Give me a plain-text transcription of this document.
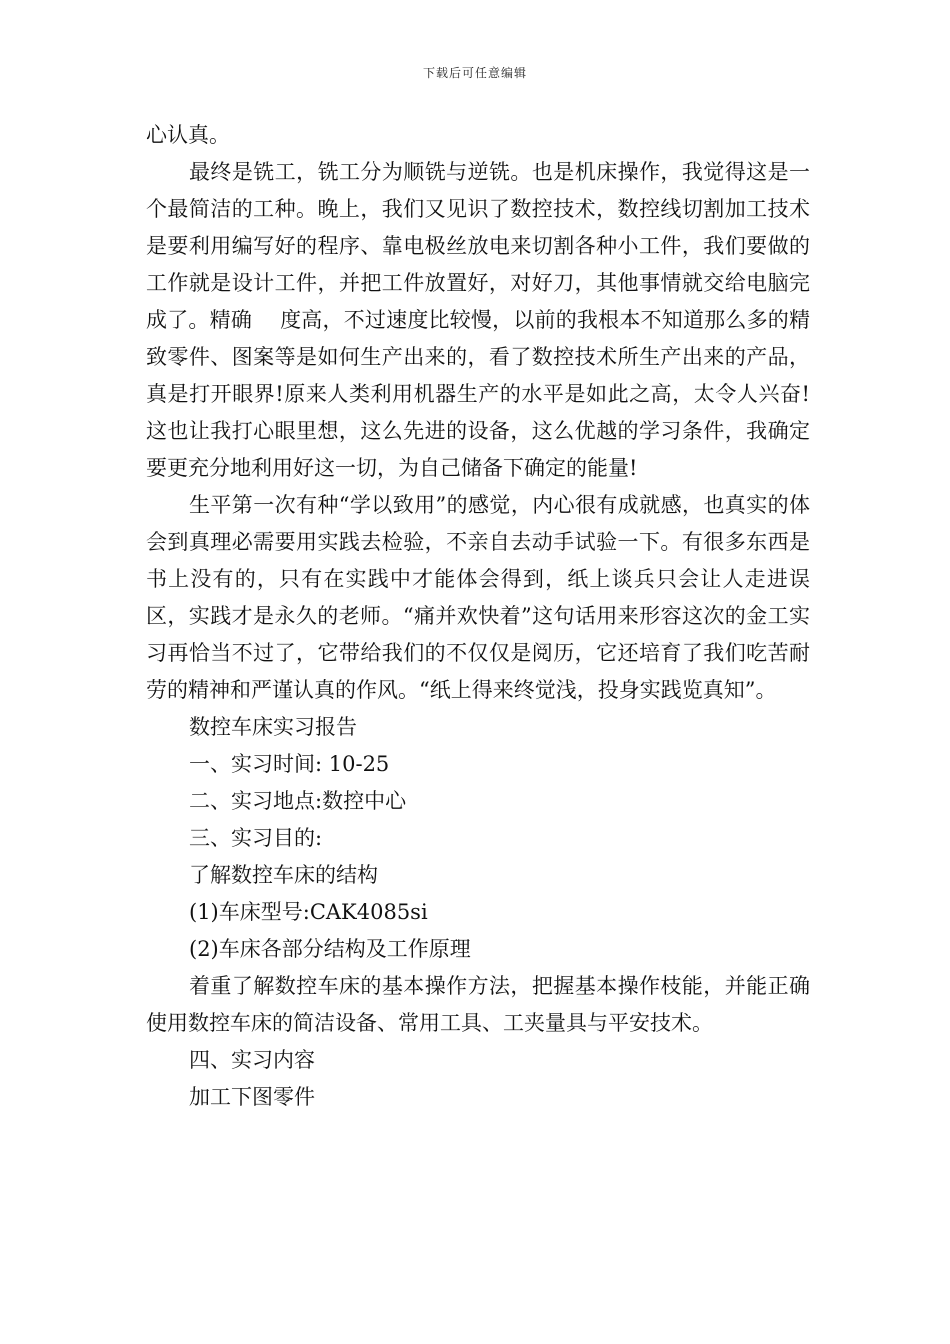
下载后可任意编辑

心认真。

最终是铣工，铣工分为顺铣与逆铣。也是机床操作，我觉得这是一个最简洁的工种。晚上，我们又见识了数控技术，数控线切割加工技术是要利用编写好的程序、靠电极丝放电来切割各种小工件，我们要做的工作就是设计工件，并把工件放置好，对好刀，其他事情就交给电脑完成了。精确　 度高，不过速度比较慢，以前的我根本不知道那么多的精致零件、图案等是如何生产出来的，看了数控技术所生产出来的产品，真是打开眼界!原来人类利用机器生产的水平是如此之高，太令人兴奋!这也让我打心眼里想，这么先进的设备，这么优越的学习条件，我确定要更充分地利用好这一切，为自己储备下确定的能量!

生平第一次有种“学以致用”的感觉，内心很有成就感，也真实的体会到真理必需要用实践去检验，不亲自去动手试验一下。有很多东西是书上没有的，只有在实践中才能体会得到，纸上谈兵只会让人走进误区，实践才是永久的老师。“痛并欢快着”这句话用来形容这次的金工实习再恰当不过了，它带给我们的不仅仅是阅历，它还培育了我们吃苦耐劳的精神和严谨认真的作风。“纸上得来终觉浅，投身实践览真知”。

数控车床实习报告

一、实习时间: 10-25

二、实习地点:数控中心

三、实习目的:

了解数控车床的结构

(1)车床型号:CAK4085si

(2)车床各部分结构及工作原理

着重了解数控车床的基本操作方法，把握基本操作枝能，并能正确使用数控车床的简洁设备、常用工具、工夹量具与平安技术。

四、实习内容

加工下图零件
